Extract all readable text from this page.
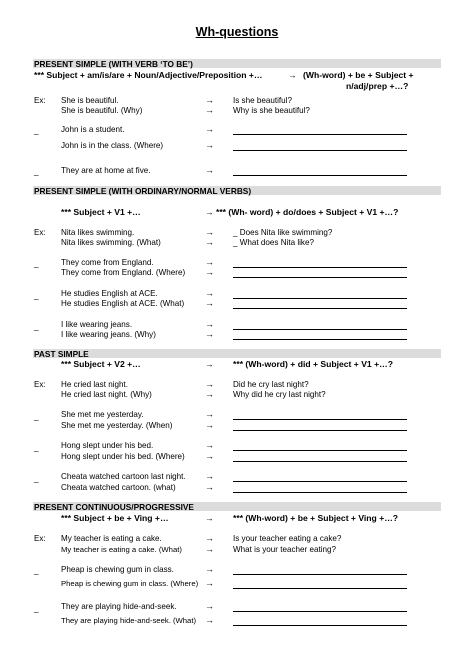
Wh-questions
PRESENT SIMPLE (WITH VERB ‘TO BE’)
*** Subject + am/is/are + Noun/Adjective/Preposition +…	→ (Wh-word) + be + Subject +
n/adj/prep +…?
Ex: She is beautiful.	→ Is she beautiful?
She is beautiful. (Why)	→ Why is she beautiful?
_	John is a student.	→
John is in the class. (Where)	→
_	They are at home at five.	→
PRESENT SIMPLE (WITH ORDINARY/NORMAL VERBS)
*** Subject + V1 +…	→ *** (Wh- word) + do/does + Subject + V1 +…?
Ex: Nita likes swimming.	→ _ Does Nita like swimming?
Nita likes swimming. (What)	→ _ What does Nita like?
_	They come from England.	→
They come from England. (Where) →
_	He studies English at ACE.	→
He studies English at ACE. (What) →
_	I like wearing jeans.	→
I like wearing jeans. (Why)	→
PAST SIMPLE
*** Subject + V2 +…	→ *** (Wh-word) + did + Subject + V1 +…?
Ex: He cried last night.	→ Did he cry last night?
He cried last night. (Why)	→ Why did he cry last night?
_	She met me yesterday.	→
She met me yesterday. (When)	→
_	Hong slept under his bed.	→
Hong slept under his bed. (Where) →
_	Cheata watched cartoon last night. →
Cheata watched cartoon. (what)	→
PRESENT CONTINUOUS/PROGRESSIVE
*** Subject + be + Ving +…	→ *** (Wh-word) + be + Subject + Ving +…?
Ex: My teacher is eating a cake.	→ Is your teacher eating a cake?
My teacher is eating a cake. (What)	→ What is your teacher eating?
_	Pheap is chewing gum in class.	→
Pheap is chewing gum in class. (Where) →
_	They are playing hide-and-seek.	→
They are playing hide-and-seek. (What) →
